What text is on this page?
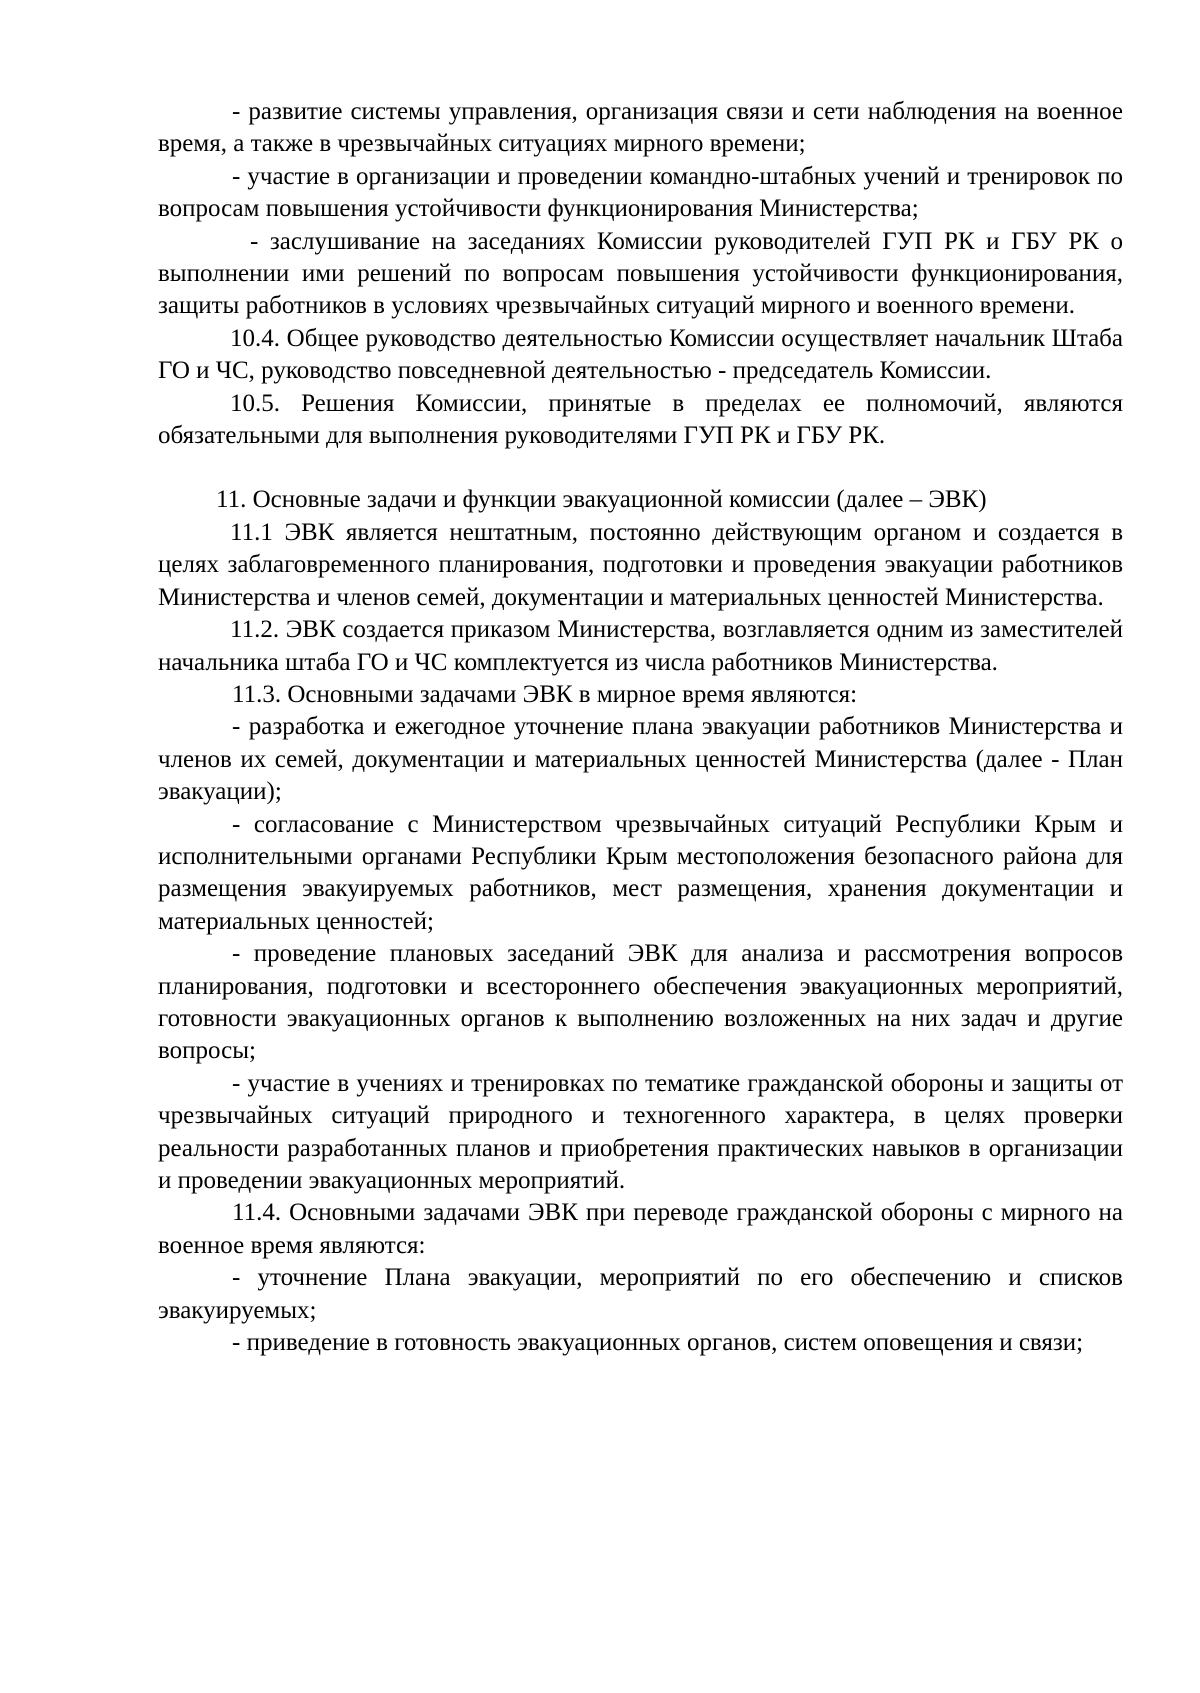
- развитие системы управления, организация связи и сети наблюдения на военное время, а также в чрезвычайных ситуациях мирного времени;

- участие в организации и проведении командно-штабных учений и тренировок по вопросам повышения устойчивости функционирования Министерства;

- заслушивание на заседаниях Комиссии руководителей ГУП РК и ГБУ РК о выполнении ими решений по вопросам повышения устойчивости функционирования, защиты работников в условиях чрезвычайных ситуаций мирного и военного времени.

10.4. Общее руководство деятельностью Комиссии осуществляет начальник Штаба ГО и ЧС, руководство повседневной деятельностью - председатель Комиссии.

10.5. Решения Комиссии, принятые в пределах ее полномочий, являются обязательными для выполнения руководителями ГУП РК и ГБУ РК.

11. Основные задачи и функции эвакуационной комиссии (далее – ЭВК)

11.1 ЭВК является нештатным, постоянно действующим органом и создается в целях заблаговременного планирования, подготовки и проведения эвакуации работников Министерства и членов семей, документации и материальных ценностей Министерства.

11.2. ЭВК создается приказом Министерства, возглавляется одним из заместителей начальника штаба ГО и ЧС комплектуется из числа работников Министерства.

11.3. Основными задачами ЭВК в мирное время являются:

- разработка и ежегодное уточнение плана эвакуации работников Министерства и членов их семей, документации и материальных ценностей Министерства (далее - План эвакуации);

- согласование с Министерством чрезвычайных ситуаций Республики Крым и исполнительными органами Республики Крым местоположения безопасного района для размещения эвакуируемых работников, мест размещения, хранения документации и материальных ценностей;

- проведение плановых заседаний ЭВК для анализа и рассмотрения вопросов планирования, подготовки и всестороннего обеспечения эвакуационных мероприятий, готовности эвакуационных органов к выполнению возложенных на них задач и другие вопросы;

- участие в учениях и тренировках по тематике гражданской обороны и защиты от чрезвычайных ситуаций природного и техногенного характера, в целях проверки реальности разработанных планов и приобретения практических навыков в организации и проведении эвакуационных мероприятий.

11.4. Основными задачами ЭВК при переводе гражданской обороны с мирного на военное время являются:

- уточнение Плана эвакуации, мероприятий по его обеспечению и списков эвакуируемых;

- приведение в готовность эвакуационных органов, систем оповещения и связи;
